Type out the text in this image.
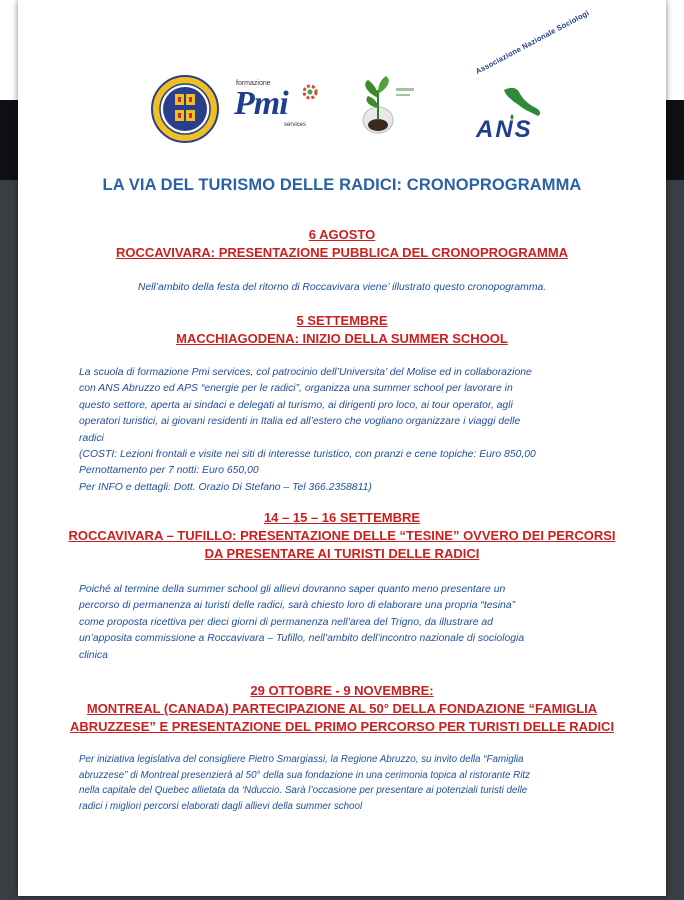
formazione
Pmi
services
Associazione Nazionale Sociologi
ANS
LA VIA DEL TURISMO DELLE RADICI: CRONOPROGRAMMA
6 AGOSTO
ROCCAVIVARA: PRESENTAZIONE PUBBLICA DEL CRONOPROGRAMMA
Nell’ambito della festa del ritorno di Roccavivara viene’ illustrato questo cronopogramma.
5 SETTEMBRE
MACCHIAGODENA: INIZIO DELLA SUMMER SCHOOL
La scuola di formazione Pmi services, col patrocinio dell’Universita’ del Molise ed in collaborazione
con ANS Abruzzo ed APS “energie per le radici”, organizza una summer school per lavorare in
questo settore, aperta ai sindaci e delegati al turismo, ai dirigenti pro loco, ai tour operator, agli
operatori turistici, ai giovani residenti in Italia ed all’estero che vogliano organizzare i viaggi delle
radici
(COSTI: Lezioni frontali e visite nei siti di interesse turistico, con pranzi e cene topiche: Euro 850,00
Pernottamento per 7 notti: Euro 650,00
Per INFO e dettagli: Dott. Orazio Di Stefano – Tel 366.2358811)
14 – 15 – 16 SETTEMBRE
ROCCAVIVARA – TUFILLO: PRESENTAZIONE DELLE “TESINE” OVVERO DEI PERCORSI
DA PRESENTARE AI TURISTI DELLE RADICI
Poiché al termine della summer school gli allievi dovranno saper quanto meno presentare un
percorso di permanenza ai turisti delle radici, sarà chiesto loro di elaborare una propria “tesina”
come proposta ricettiva per dieci giorni di permanenza nell’area del Trigno, da illustrare ad
un’apposita commissione a Roccavivara – Tufillo, nell’ambito dell’incontro nazionale di sociologia
clinica
29 OTTOBRE - 9 NOVEMBRE:
MONTREAL (CANADA) PARTECIPAZIONE AL 50° DELLA FONDAZIONE “FAMIGLIA
ABRUZZESE” E PRESENTAZIONE DEL PRIMO PERCORSO PER TURISTI DELLE RADICI
Per iniziativa legislativa del consigliere Pietro Smargiassi, la Regione Abruzzo, su invito della “Famiglia
abruzzese” di Montreal presenzierà al 50° della sua fondazione in una cerimonia topica al ristorante Ritz
nella capitale del Quebec allietata da ‘Nduccio. Sarà l’occasione per presentare ai potenziali turisti delle
radici i migliori percorsi elaborati dagli allievi della summer school
